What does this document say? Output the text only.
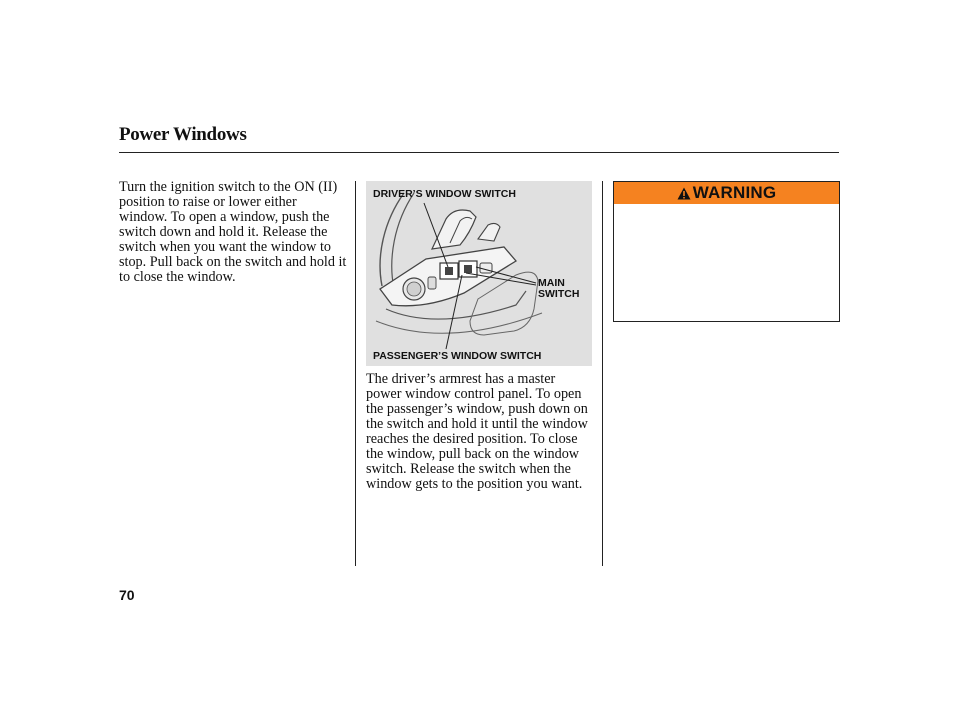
Power Windows
Turn the ignition switch to the ON (II) position to raise or lower either window. To open a window, push the switch down and hold it. Release the switch when you want the window to stop. Pull back on the switch and hold it to close the window.
DRIVER’S WINDOW SWITCH
MAIN
SWITCH
PASSENGER’S WINDOW SWITCH
The driver’s armrest has a master power window control panel. To open the passenger’s window, push down on the switch and hold it until the window reaches the desired position. To close the window, pull back on the window switch. Release the switch when the window gets to the position you want.
WARNING
70
